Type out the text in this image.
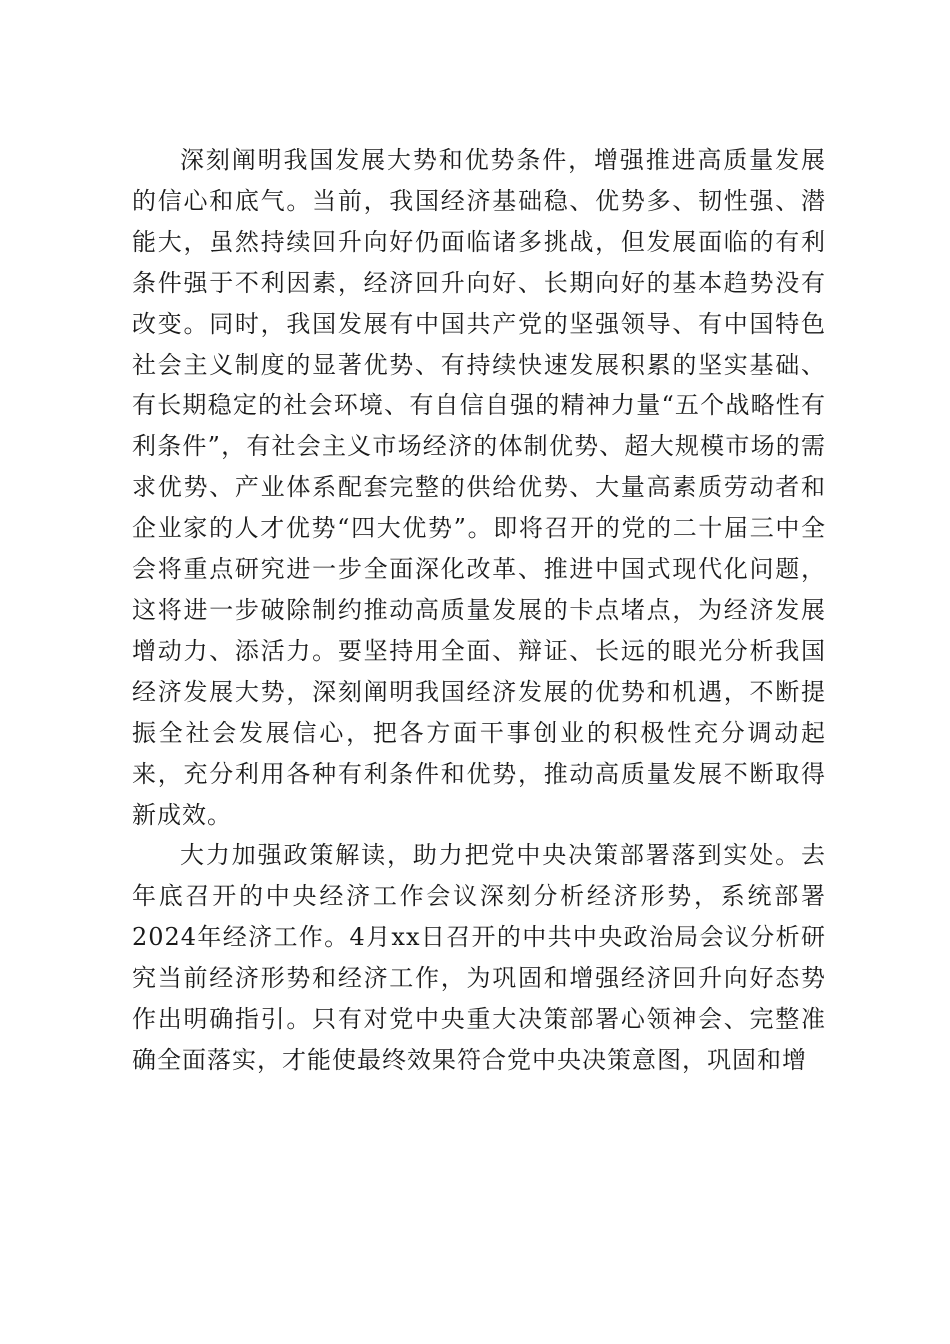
深刻阐明我国发展大势和优势条件，增强推进高质量发展的信心和底气。当前，我国经济基础稳、优势多、韧性强、潜能大，虽然持续回升向好仍面临诸多挑战，但发展面临的有利条件强于不利因素，经济回升向好、长期向好的基本趋势没有改变。同时，我国发展有中国共产党的坚强领导、有中国特色社会主义制度的显著优势、有持续快速发展积累的坚实基础、有长期稳定的社会环境、有自信自强的精神力量“五个战略性有利条件”，有社会主义市场经济的体制优势、超大规模市场的需求优势、产业体系配套完整的供给优势、大量高素质劳动者和企业家的人才优势“四大优势”。即将召开的党的二十届三中全会将重点研究进一步全面深化改革、推进中国式现代化问题，这将进一步破除制约推动高质量发展的卡点堵点，为经济发展增动力、添活力。要坚持用全面、辩证、长远的眼光分析我国经济发展大势，深刻阐明我国经济发展的优势和机遇，不断提振全社会发展信心，把各方面干事创业的积极性充分调动起来，充分利用各种有利条件和优势，推动高质量发展不断取得新成效。

大力加强政策解读，助力把党中央决策部署落到实处。去年底召开的中央经济工作会议深刻分析经济形势，系统部署2024年经济工作。4月xx日召开的中共中央政治局会议分析研究当前经济形势和经济工作，为巩固和增强经济回升向好态势作出明确指引。只有对党中央重大决策部署心领神会、完整准确全面落实，才能使最终效果符合党中央决策意图，巩固和增
